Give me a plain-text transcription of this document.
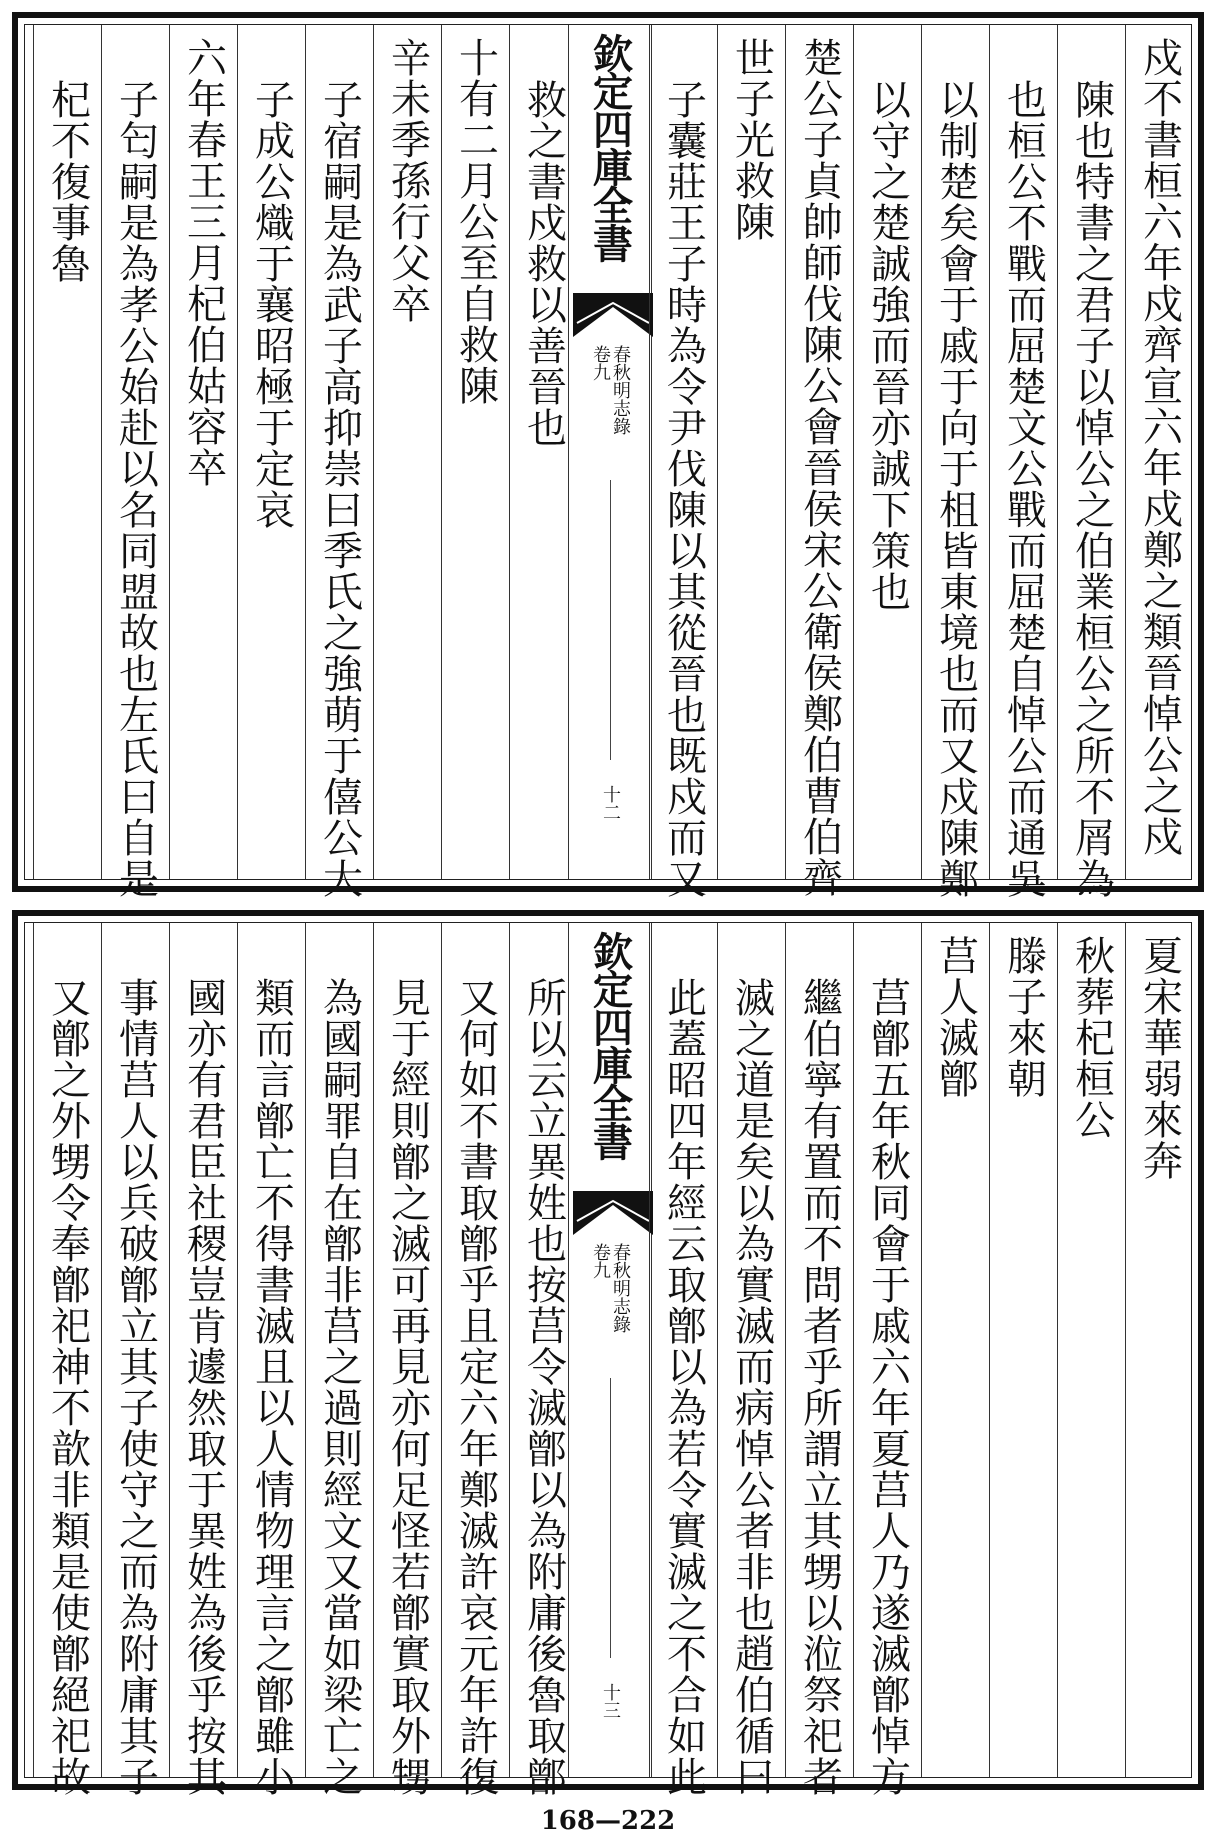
欽定四庫全書
春秋明志錄
卷九
十二	戍不書桓六年戍齊宣六年戍鄭之類晉悼公之戍
陳也特書之君子以悼公之伯業桓公之所不屑為
也桓公不戰而屈楚文公戰而屈楚自悼公而通吳
以制楚矣會于戚于向于柤皆東境也而又戍陳鄭
以守之楚誠強而晉亦誠下策也
楚公子貞帥師伐陳公會晉侯宋公衛侯鄭伯曹伯齊
世子光救陳
子囊莊王子時為令尹伐陳以其從晉也既戍而又
救之書戍救以善晉也
十有二月公至自救陳
辛未季孫行父卒
子宿嗣是為武子高抑崇曰季氏之強萌于僖公大
子成公熾于襄昭極于定哀
六年春王三月杞伯姑容卒
子匄嗣是為孝公始赴以名同盟故也左氏曰自是
杞不復事魯
欽定四庫全書
春秋明志錄
卷九
十三
夏宋華弱來奔
秋葬杞桓公
滕子來朝
莒人滅鄫
莒鄫五年秋同會于戚六年夏莒人乃遂滅鄫悼方
繼伯寧有置而不問者乎所謂立其甥以涖祭祀者
滅之道是矣以為實滅而病悼公者非也趙伯循曰
此蓋昭四年經云取鄫以為若令實滅之不合如此
所以云立異姓也按莒令滅鄫以為附庸後魯取鄫
又何如不書取鄫乎且定六年鄭滅許哀元年許復
見于經則鄫之滅可再見亦何足怪若鄫實取外甥
為國嗣罪自在鄫非莒之過則經文又當如梁亡之
類而言鄫亡不得書滅且以人情物理言之鄫雖小
國亦有君臣社稷豈肯遽然取于異姓為後乎按其
事情莒人以兵破鄫立其子使守之而為附庸其子
又鄫之外甥令奉鄫祀神不歆非類是使鄫絕祀故
168—222
